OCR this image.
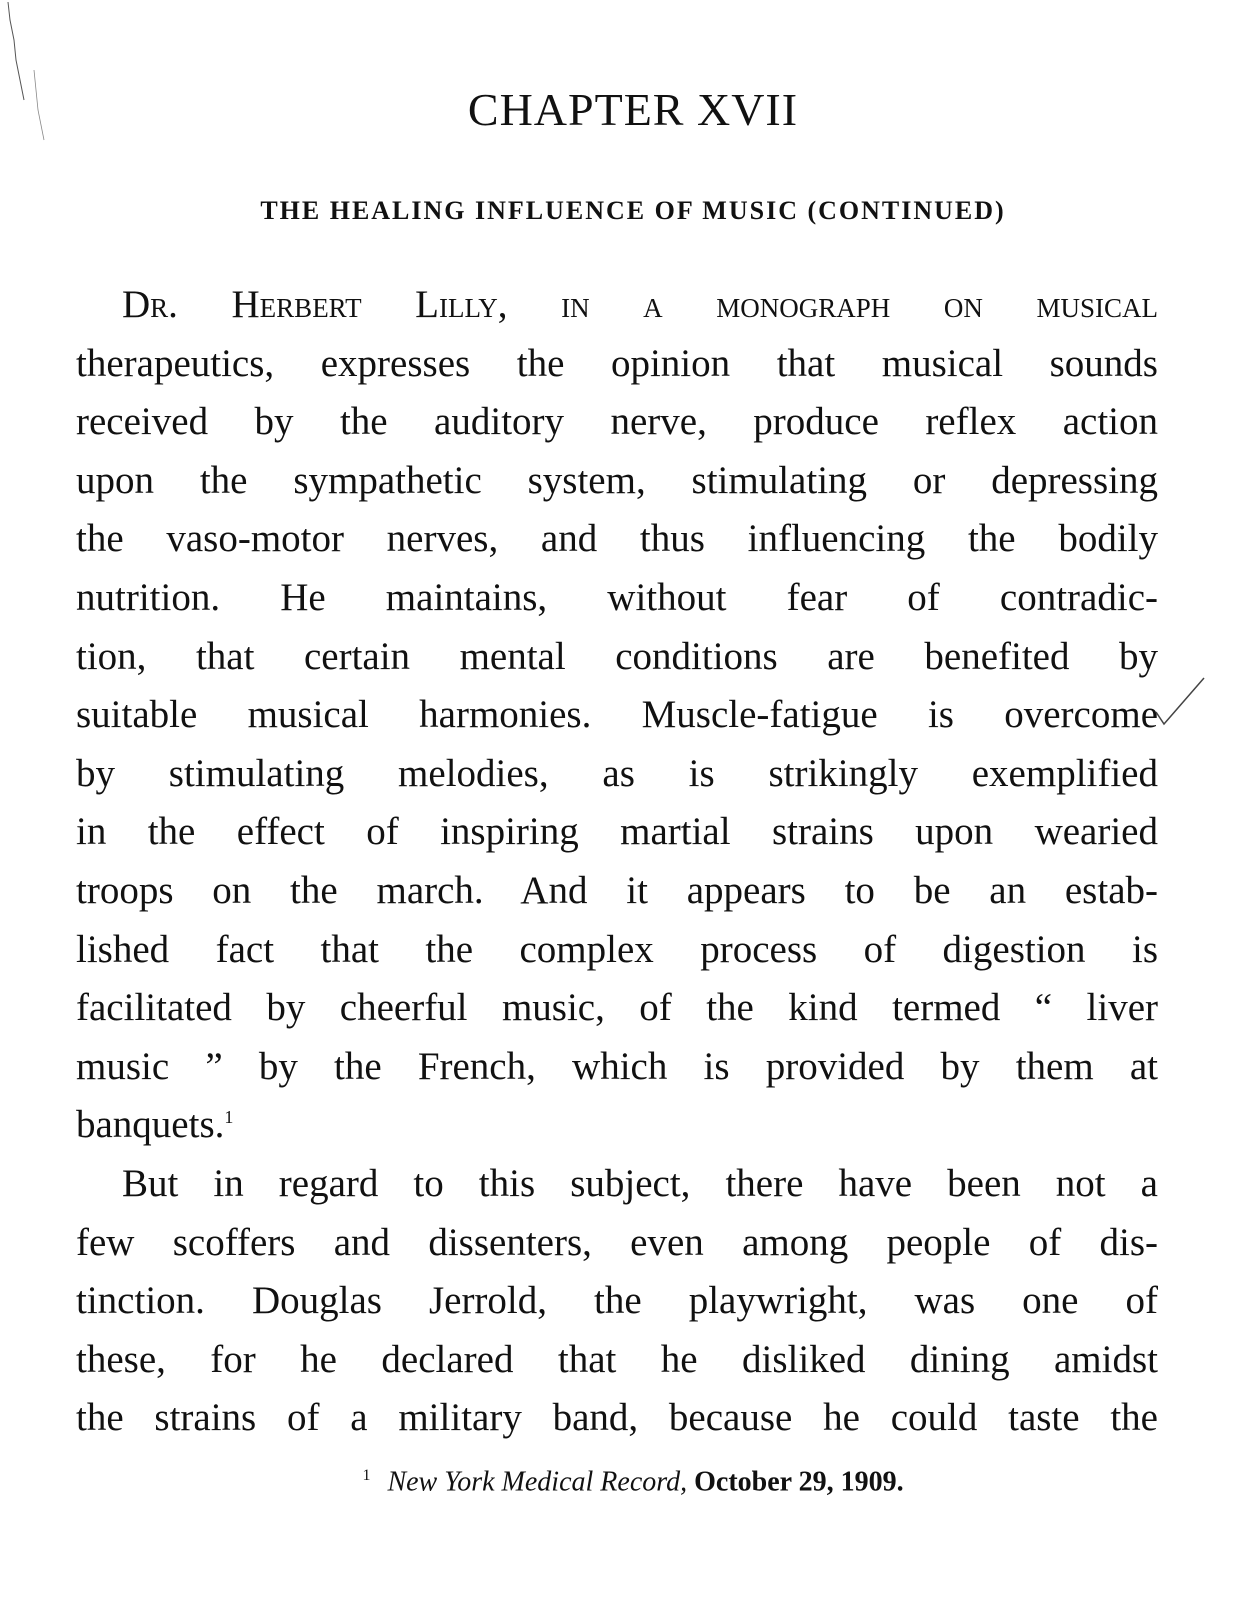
CHAPTER XVII
THE HEALING INFLUENCE OF MUSIC (CONTINUED)
Dr. Herbert Lilly, in a monograph on musical
therapeutics, expresses the opinion that musical sounds
received by the auditory nerve, produce reflex action
upon the sympathetic system, stimulating or depressing
the vaso-motor nerves, and thus influencing the bodily
nutrition. He maintains, without fear of contradic-
tion, that certain mental conditions are benefited by
suitable musical harmonies. Muscle-fatigue is overcome
by stimulating melodies, as is strikingly exemplified
in the effect of inspiring martial strains upon wearied
troops on the march. And it appears to be an estab-
lished fact that the complex process of digestion is
facilitated by cheerful music, of the kind termed “ liver
music ” by the French, which is provided by them at
banquets.$^1$
But in regard to this subject, there have been not a
few scoffers and dissenters, even among people of dis-
tinction. Douglas Jerrold, the playwright, was one of
these, for he declared that he disliked dining amidst
the strains of a military band, because he could taste the
$^1$ New York Medical Record, October 29, 1909.
